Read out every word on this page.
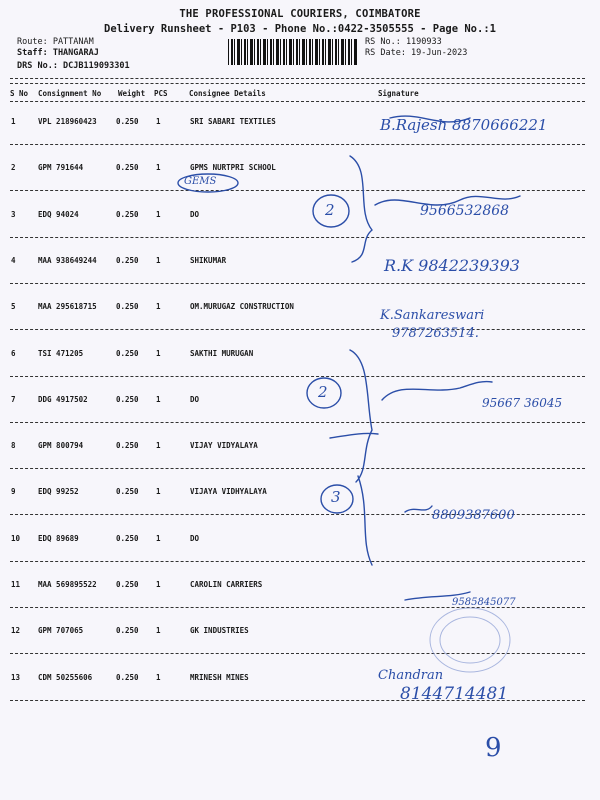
THE PROFESSIONAL COURIERS, COIMBATORE
Delivery Runsheet - P103 - Phone No.:0422-3505555 - Page No.:1
Route: PATTANAM
Staff: THANGARAJ
DRS No.: DCJB119093301
RS No.: 1190933
RS Date: 19-Jun-2023
S No Consignment No Weight PCS	Consignee Details	Signature
1	VPL 218960423	0.250 1	SRI SABARI TEXTILES
2	GPM 791644	0.250 1	GPMS NURTPRI SCHOOL
3	EDQ 94024	0.250 1	DO
4	MAA 938649244	0.250 1	SHIKUMAR
5	MAA 295618715	0.250 1	OM.MURUGAZ CONSTRUCTION
6	TSI 471205	0.250 1	SAKTHI MURUGAN
7	DDG 4917502	0.250 1	DO
8	GPM 800794	0.250 1	VIJAY VIDYALAYA
9	EDQ 99252	0.250 1	VIJAYA VIDHYALAYA
10 EDQ 89689	0.250 1	DO
11 MAA 569895522	0.250 1	CAROLIN CARRIERS
12 GPM 707065	0.250 1	GK INDUSTRIES
13 CDM 50255606	0.250 1	MRINESH MINES
B.Rajesh 8870666221
GEMS
2	9566532868
R.K 9842239393
K.Sankareswari
9787263514.
2
95667 36045
3
8809387600
9585845077
Chandran
8144714481
9
